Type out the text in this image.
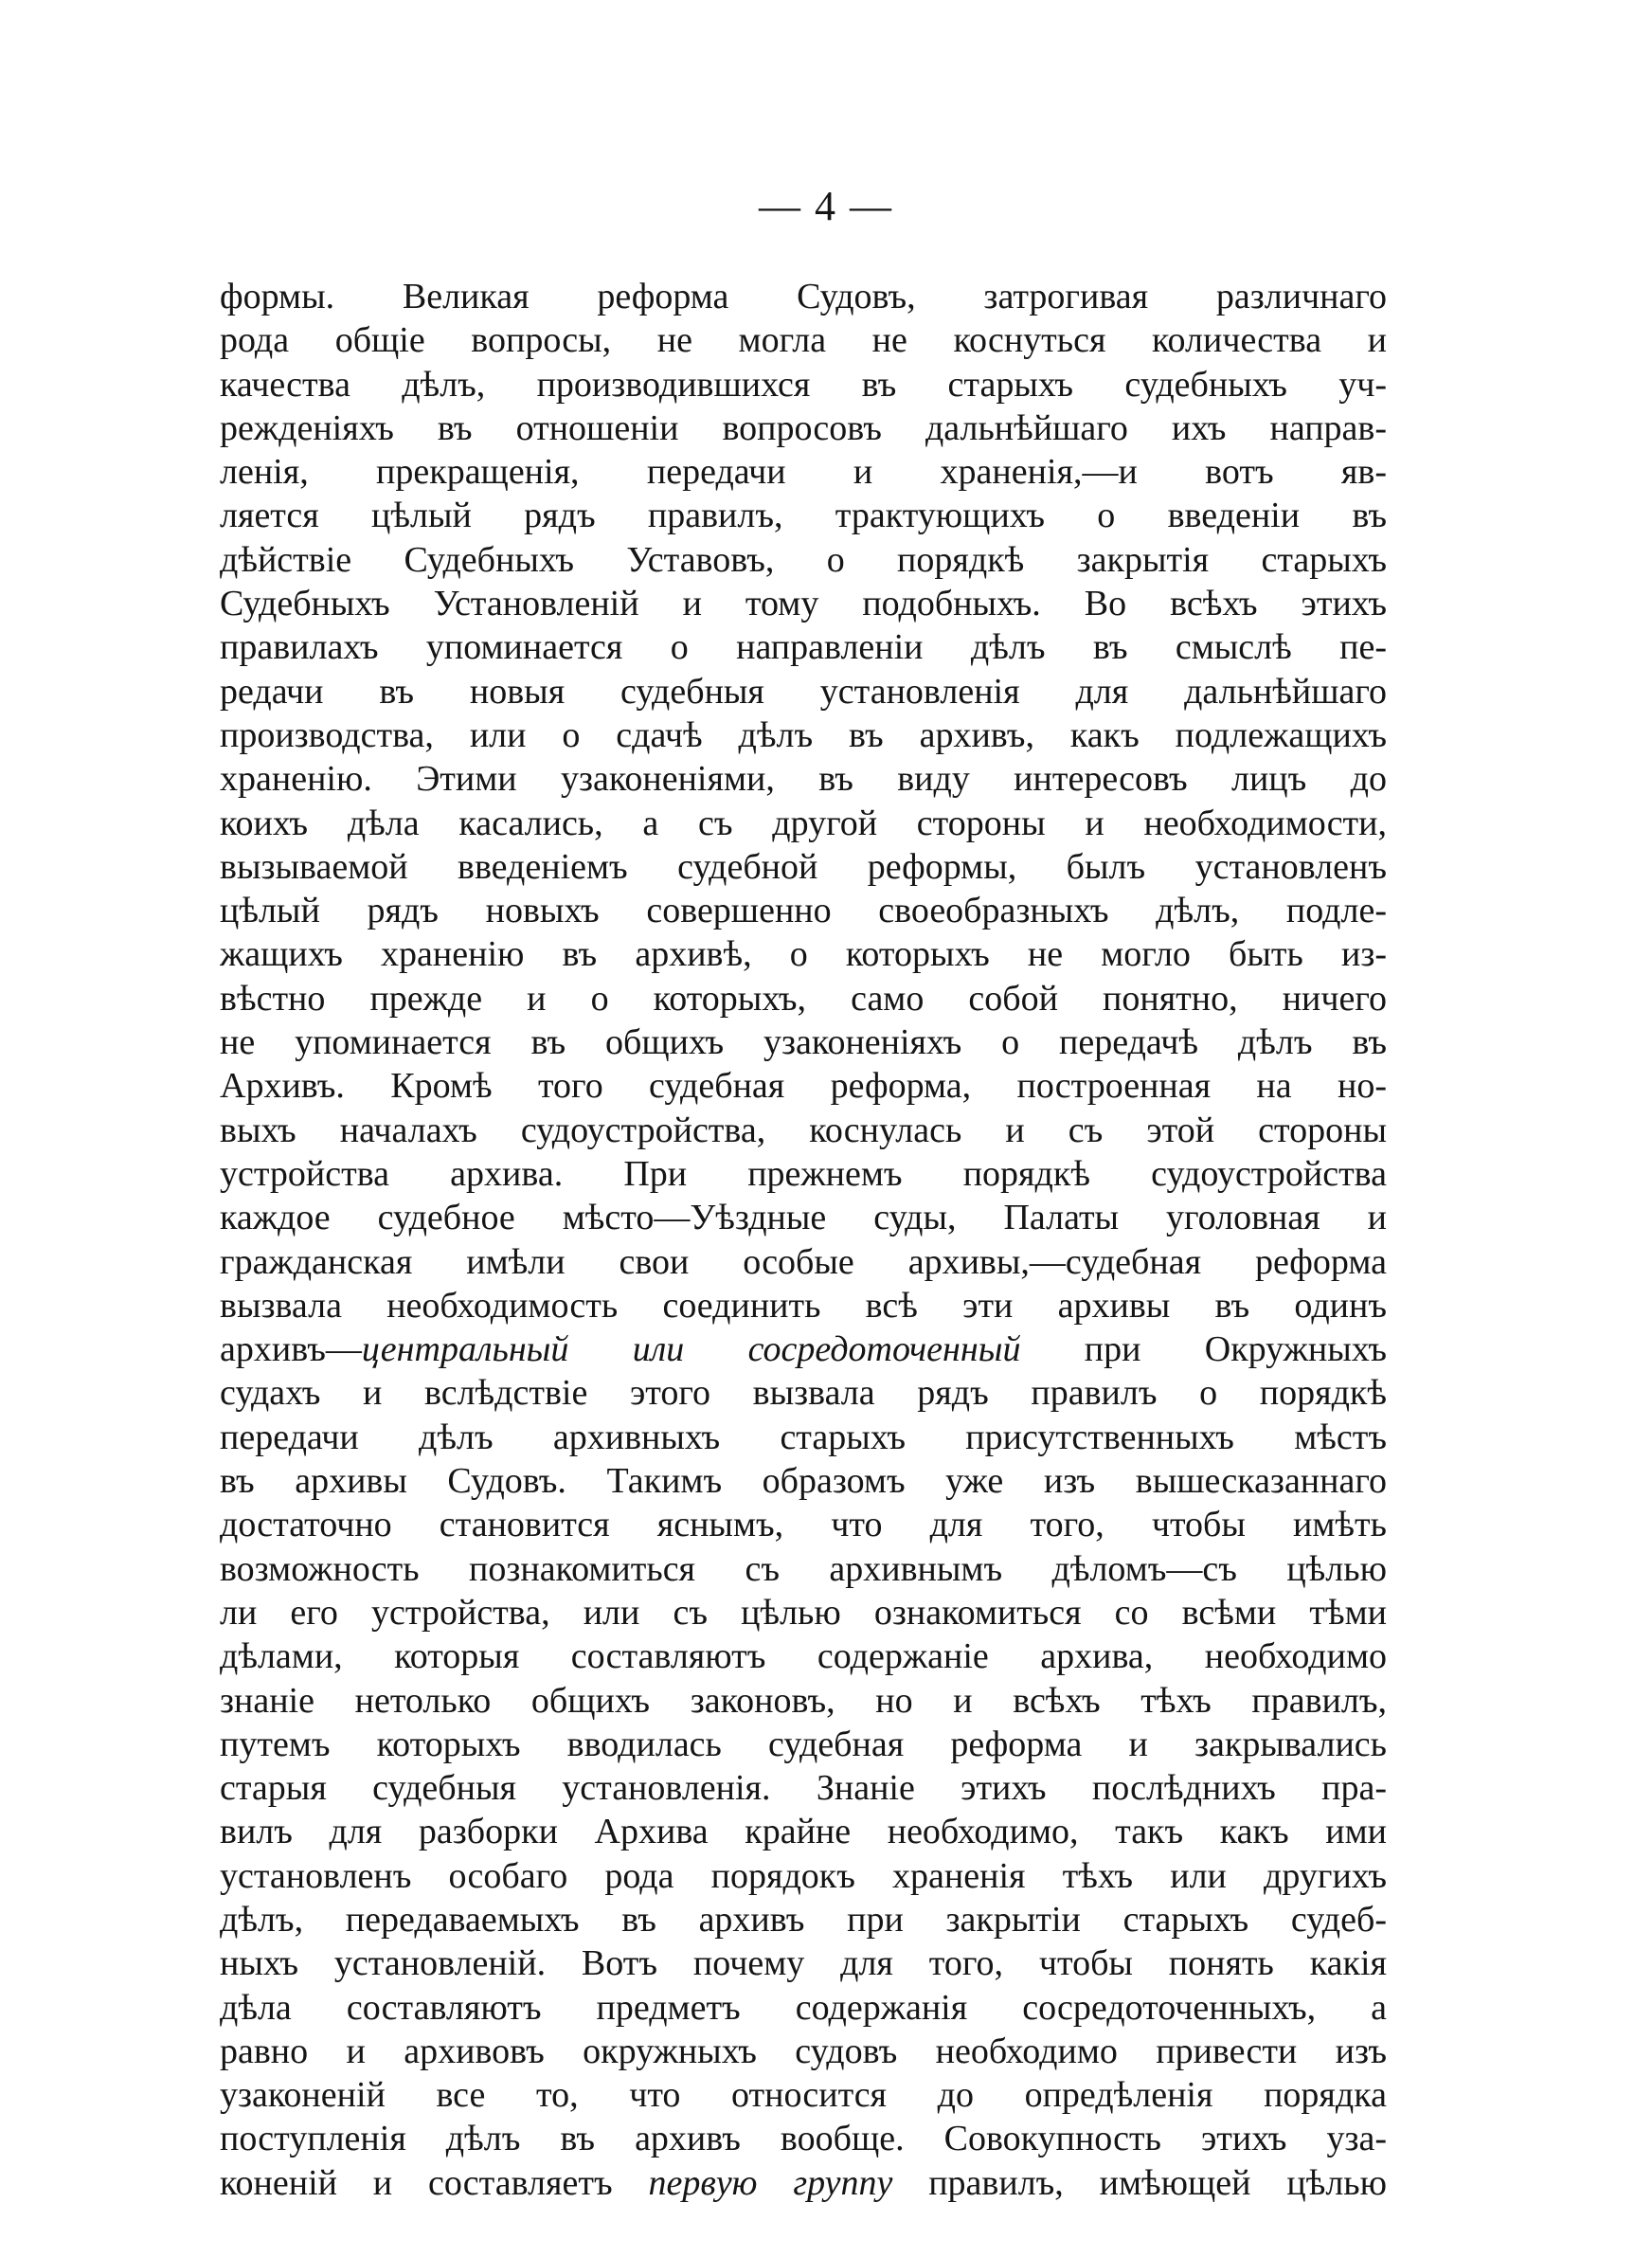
— 4 —
формы. Великая реформа Судовъ, затрогивая различнаго
рода общіе вопросы, не могла не коснуться количества и
качества дѣлъ, производившихся въ старыхъ судебныхъ уч-
режденіяхъ въ отношеніи вопросовъ дальнѣйшаго ихъ направ-
ленія, прекращенія, передачи и храненія,—и вотъ яв-
ляется цѣлый рядъ правилъ, трактующихъ о введеніи въ
дѣйствіе Судебныхъ Уставовъ, о порядкѣ закрытія старыхъ
Судебныхъ Установленій и тому подобныхъ. Во всѣхъ этихъ
правилахъ упоминается о направленіи дѣлъ въ смыслѣ пе-
редачи въ новыя судебныя установленія для дальнѣйшаго
производства, или о сдачѣ дѣлъ въ архивъ, какъ подлежащихъ
храненію. Этими узаконеніями, въ виду интересовъ лицъ до
коихъ дѣла касались, а съ другой стороны и необходимости,
вызываемой введеніемъ судебной реформы, былъ установленъ
цѣлый рядъ новыхъ совершенно своеобразныхъ дѣлъ, подле-
жащихъ храненію въ архивѣ, о которыхъ не могло быть из-
вѣстно прежде и о которыхъ, само собой понятно, ничего
не упоминается въ общихъ узаконеніяхъ о передачѣ дѣлъ въ
Архивъ. Кромѣ того судебная реформа, построенная на но-
выхъ началахъ судоустройства, коснулась и съ этой стороны
устройства архива. При прежнемъ порядкѣ судоустройства
каждое судебное мѣсто—Уѣздные суды, Палаты уголовная и
гражданская имѣли свои особые архивы,—судебная реформа
вызвала необходимость соединить всѣ эти архивы въ одинъ
архивъ—центральный или сосредоточенный при Окружныхъ
судахъ и вслѣдствіе этого вызвала рядъ правилъ о порядкѣ
передачи дѣлъ архивныхъ старыхъ присутственныхъ мѣстъ
въ архивы Судовъ. Такимъ образомъ уже изъ вышесказаннаго
достаточно становится яснымъ, что для того, чтобы имѣть
возможность познакомиться съ архивнымъ дѣломъ—съ цѣлью
ли его устройства, или съ цѣлью ознакомиться со всѣми тѣми
дѣлами, которыя составляютъ содержаніе архива, необходимо
знаніе нетолько общихъ законовъ, но и всѣхъ тѣхъ правилъ,
путемъ которыхъ вводилась судебная реформа и закрывались
старыя судебныя установленія. Знаніе этихъ послѣднихъ пра-
вилъ для разборки Архива крайне необходимо, такъ какъ ими
установленъ особаго рода порядокъ храненія тѣхъ или другихъ
дѣлъ, передаваемыхъ въ архивъ при закрытіи старыхъ судеб-
ныхъ установленій. Вотъ почему для того, чтобы понять какія
дѣла составляютъ предметъ содержанія сосредоточенныхъ, а
равно и архивовъ окружныхъ судовъ необходимо привести изъ
узаконеній все то, что относится до опредѣленія порядка
поступленія дѣлъ въ архивъ вообще. Совокупность этихъ уза-
коненій и составляетъ первую группу правилъ, имѣющей цѣлью
